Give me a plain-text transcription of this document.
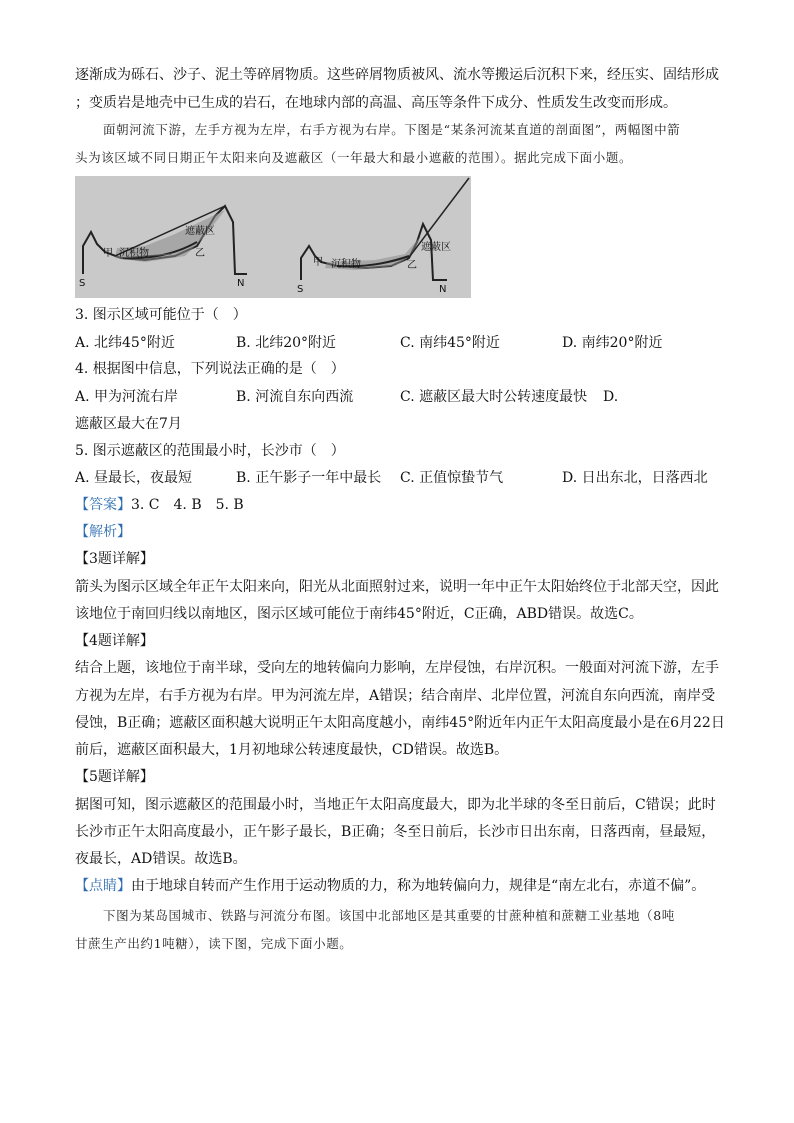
逐渐成为砾石、沙子、泥土等碎屑物质。这些碎屑物质被风、流水等搬运后沉积下来，经压实、固结形成
；变质岩是地壳中已生成的岩石，在地球内部的高温、高压等条件下成分、性质发生改变而形成。
面朝河流下游，左手方视为左岸，右手方视为右岸。下图是“某条河流某直道的剖面图”，两幅图中箭
头为该区域不同日期正午太阳来向及遮蔽区（一年最大和最小遮蔽的范围）。据此完成下面小题。
甲 沉积物
遮蔽区
乙
S	N
甲 沉积物
遮蔽区
乙
S	N
3. 图示区域可能位于（　）
A. 北纬45°附近	B. 北纬20°附近	C. 南纬45°附近	D. 南纬20°附近
4. 根据图中信息，下列说法正确的是（　）
A. 甲为河流右岸	B. 河流自东向西流	C. 遮蔽区最大时公转速度最快 D.
遮蔽区最大在7月
5. 图示遮蔽区的范围最小时，长沙市（　）
A. 昼最长，夜最短	B. 正午影子一年中最长 C. 正值惊蛰节气	D. 日出东北，日落西北
【答案】3. C　4. B　5. B
【解析】
【3题详解】
箭头为图示区域全年正午太阳来向，阳光从北面照射过来，说明一年中正午太阳始终位于北部天空，因此
该地位于南回归线以南地区，图示区域可能位于南纬45°附近，C正确，ABD错误。故选C。
【4题详解】
结合上题，该地位于南半球，受向左的地转偏向力影响，左岸侵蚀，右岸沉积。一般面对河流下游，左手
方视为左岸，右手方视为右岸。甲为河流左岸，A错误；结合南岸、北岸位置，河流自东向西流，南岸受
侵蚀，B正确；遮蔽区面积越大说明正午太阳高度越小，南纬45°附近年内正午太阳高度最小是在6月22日
前后，遮蔽区面积最大，1月初地球公转速度最快，CD错误。故选B。
【5题详解】
据图可知，图示遮蔽区的范围最小时，当地正午太阳高度最大，即为北半球的冬至日前后，C错误；此时
长沙市正午太阳高度最小，正午影子最长，B正确；冬至日前后，长沙市日出东南，日落西南，昼最短，
夜最长，AD错误。故选B。
【点睛】由于地球自转而产生作用于运动物质的力，称为地转偏向力，规律是“南左北右，赤道不偏”。
下图为某岛国城市、铁路与河流分布图。该国中北部地区是其重要的甘蔗种植和蔗糖工业基地（8吨
甘蔗生产出约1吨糖），读下图，完成下面小题。
